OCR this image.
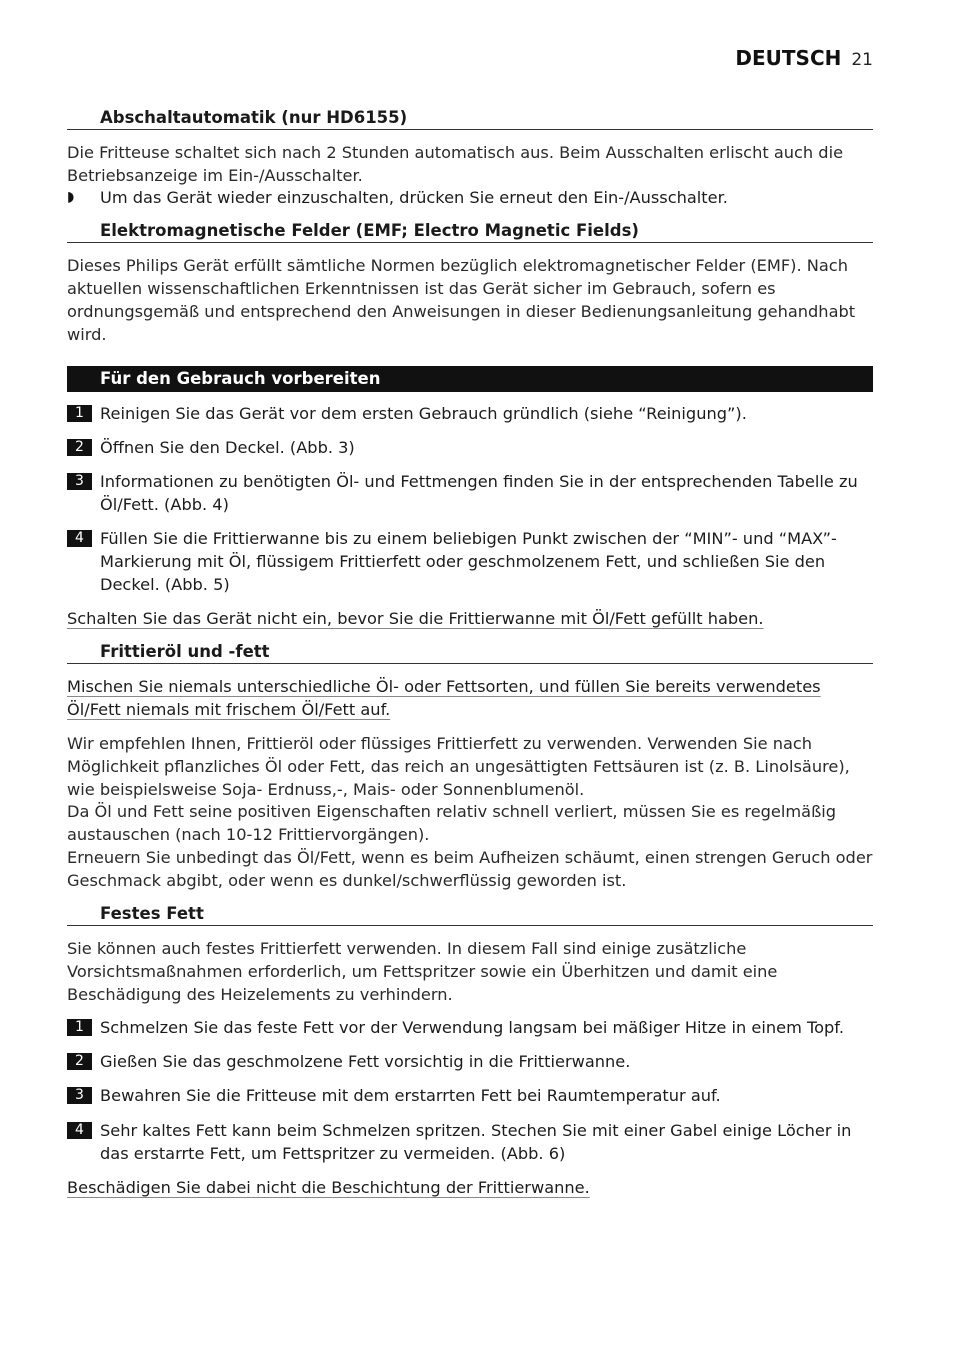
DEUTSCH 21
Abschaltautomatik (nur HD6155)
Die Fritteuse schaltet sich nach 2 Stunden automatisch aus. Beim Ausschalten erlischt auch die Betriebsanzeige im Ein-/Ausschalter.
◗ Um das Gerät wieder einzuschalten, drücken Sie erneut den Ein-/Ausschalter.
Elektromagnetische Felder (EMF; Electro Magnetic Fields)
Dieses Philips Gerät erfüllt sämtliche Normen bezüglich elektromagnetischer Felder (EMF). Nach aktuellen wissenschaftlichen Erkenntnissen ist das Gerät sicher im Gebrauch, sofern es ordnungsgemäß und entsprechend den Anweisungen in dieser Bedienungsanleitung gehandhabt wird.
Für den Gebrauch vorbereiten
1 Reinigen Sie das Gerät vor dem ersten Gebrauch gründlich (siehe “Reinigung”).
2 Öffnen Sie den Deckel. (Abb. 3)
3 Informationen zu benötigten Öl- und Fettmengen finden Sie in der entsprechenden Tabelle zu Öl/Fett. (Abb. 4)
4 Füllen Sie die Frittierwanne bis zu einem beliebigen Punkt zwischen der “MIN”- und “MAX”-Markierung mit Öl, flüssigem Frittierfett oder geschmolzenem Fett, und schließen Sie den Deckel. (Abb. 5)
Schalten Sie das Gerät nicht ein, bevor Sie die Frittierwanne mit Öl/Fett gefüllt haben.
Frittieröl und -fett
Mischen Sie niemals unterschiedliche Öl- oder Fettsorten, und füllen Sie bereits verwendetes Öl/Fett niemals mit frischem Öl/Fett auf.
Wir empfehlen Ihnen, Frittieröl oder flüssiges Frittierfett zu verwenden. Verwenden Sie nach Möglichkeit pflanzliches Öl oder Fett, das reich an ungesättigten Fettsäuren ist (z. B. Linolsäure), wie beispielsweise Soja- Erdnuss,-, Mais- oder Sonnenblumenöl.
Da Öl und Fett seine positiven Eigenschaften relativ schnell verliert, müssen Sie es regelmäßig austauschen (nach 10-12 Frittiervorgängen).
Erneuern Sie unbedingt das Öl/Fett, wenn es beim Aufheizen schäumt, einen strengen Geruch oder Geschmack abgibt, oder wenn es dunkel/schwerflüssig geworden ist.
Festes Fett
Sie können auch festes Frittierfett verwenden. In diesem Fall sind einige zusätzliche Vorsichtsmaßnahmen erforderlich, um Fettspritzer sowie ein Überhitzen und damit eine Beschädigung des Heizelements zu verhindern.
1 Schmelzen Sie das feste Fett vor der Verwendung langsam bei mäßiger Hitze in einem Topf.
2 Gießen Sie das geschmolzene Fett vorsichtig in die Frittierwanne.
3 Bewahren Sie die Fritteuse mit dem erstarrten Fett bei Raumtemperatur auf.
4 Sehr kaltes Fett kann beim Schmelzen spritzen. Stechen Sie mit einer Gabel einige Löcher in das erstarrte Fett, um Fettspritzer zu vermeiden. (Abb. 6)
Beschädigen Sie dabei nicht die Beschichtung der Frittierwanne.
